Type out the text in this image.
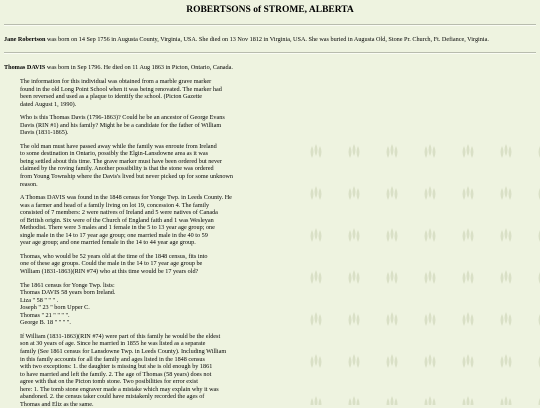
ROBERTSONS of STROME, ALBERTA
Jane Robertson was born on 14 Sep 1756 in Augusta County, Virginia, USA. She died on 13 Nov 1812 in Virginia, USA. She was buried in Augusta Old, Stone Pr. Church, Ft. Defiance, Virginia.
Thomas DAVIS was born in Sep 1796. He died on 11 Aug 1863 in Picton, Ontario, Canada.

The information for this individual was obtained from a marble grave marker
found in the old Long Point School when it was being renovated. The marker had
been reversed and used as a plaque to identify the school. (Picton Gazette
dated August 1, 1990).

Who is this Thomas Davis (1796-1863)? Could he be an ancestor of George Evans
Davis (RIN #1) and his family? Might he be a candidate for the father of William
Davis (1831-1865).

The old man must have passed away while the family was enroute from Ireland
to some destination in Ontario, possibly the Elgin-Lansdowne area as it was
being settled about this time. The grave marker must have been ordered but never
claimed by the roving family. Another possibility is that the stone was ordered
from Young Township where the Davis's lived but never picked up for some unknown
reason.

A Thomas DAVIS was found in the 1848 census for Yonge Twp. in Leeds County. He
was a farmer and head of a family living on lot 19, concession 4. The family
consisted of 7 members: 2 were natives of Ireland and 5 were natives of Canada
of British origin. Six were of the Church of England faith and 1 was Wesleyan
Methodist. There were 3 males and 1 female in the 5 to 13 year age group; one
single male in the 14 to 17 year age group; one married male in the 40 to 59
year age group; and one married female in the 14 to 44 year age group.

Thomas, who would be 52 years old at the time of the 1848 census, fits into
one of these age groups. Could the male in the 14 to 17 year age group be
William (1831-1863)(RIN #74) who at this time would be 17 years old?

The 1861 census for Yonge Twp. lists:
Thomas DAVIS 58 years born Ireland.
Liza " 58 " " " .
Joseph " 23 " born Upper C.
Thomas " 21 " " " ".
George B. 18 " " " ".

If William (1831-1863)(RIN #74) were part of this family he would be the eldest
son at 30 years of age. Since he married in 1855 he was listed as a separate
family (See 1861 census for Lansdowne Twp. in Leeds County). Including William
in this family accounts for all the family and ages listed in the 1848 census
with two exceptions: 1. the daughter is missing but she is old enough by 1861
to have married and left the family. 2. The age of Thomas (58 years) does not
agree with that on the Picton tomb stone. Two posibilities for error exist
here: 1. The tomb stone engraver made a mistake which may explain why it was
abandoned. 2. the census taker could have mistakenly recorded the ages of
Thomas and Eliz as the same.
